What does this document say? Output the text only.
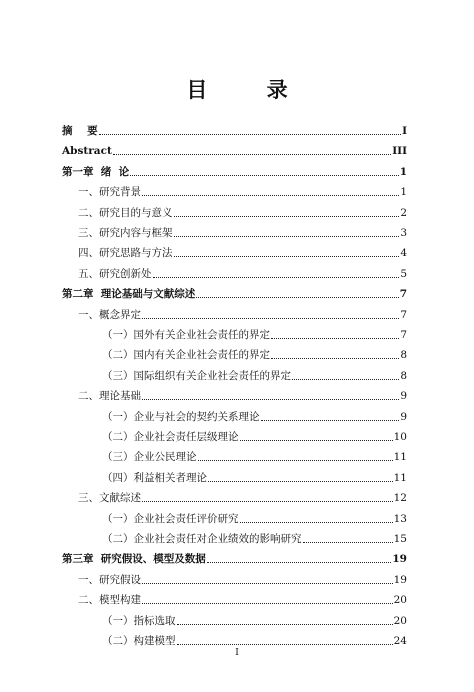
目 录
摘    要	I
Abstract	III
第一章  绪  论	1
一、研究背景	1
二、研究目的与意义	2
三、研究内容与框架	3
四、研究思路与方法	4
五、研究创新处	5
第二章  理论基础与文献综述	7
一、概念界定	7
（一）国外有关企业社会责任的界定	7
（二）国内有关企业社会责任的界定	8
（三）国际组织有关企业社会责任的界定	8
二、理论基础	9
（一）企业与社会的契约关系理论	9
（二）企业社会责任层级理论	10
（三）企业公民理论	11
（四）利益相关者理论	11
三、文献综述	12
（一）企业社会责任评价研究	13
（二）企业社会责任对企业绩效的影响研究	15
第三章  研究假设、模型及数据	19
一、研究假设	19
二、模型构建	20
（一）指标选取	20
（二）构建模型	24
I
